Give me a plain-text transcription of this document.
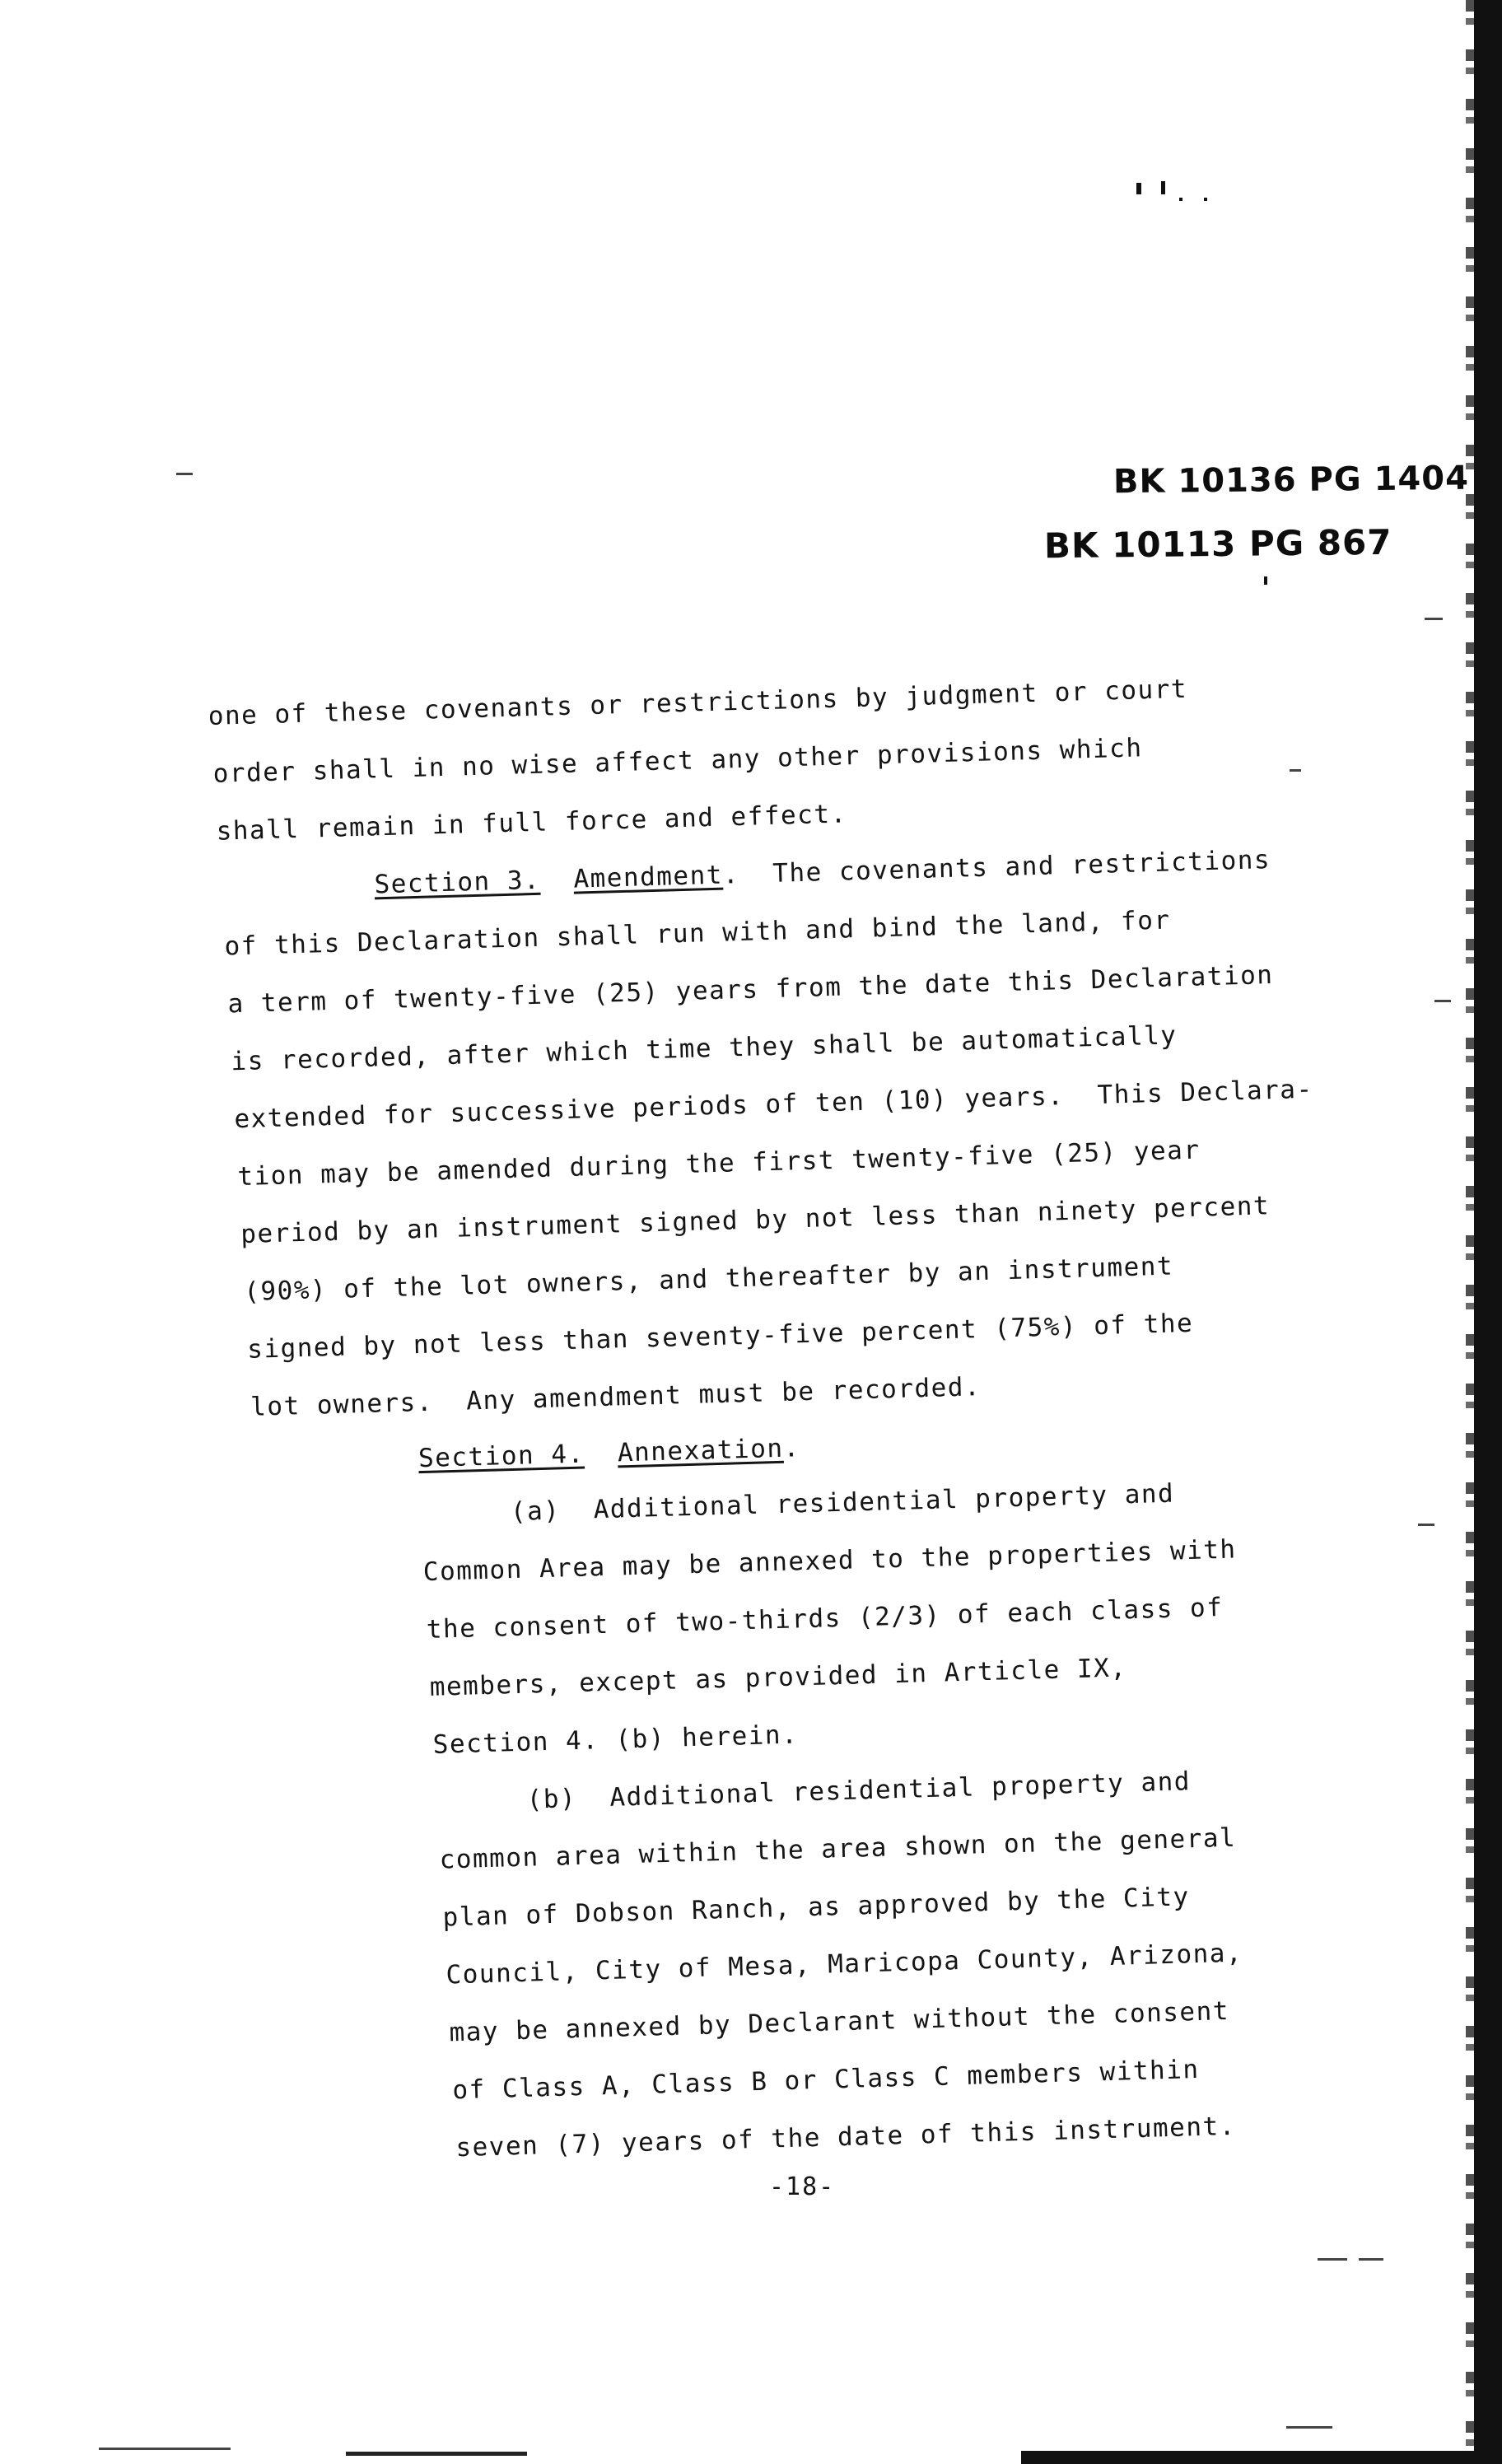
BK 10136 PG 1404
BK 10113 PG 867
one of these covenants or restrictions by judgment or court
order shall in no wise affect any other provisions which
shall remain in full force and effect.
Section 3. Amendment.  The covenants and restrictions
of this Declaration shall run with and bind the land, for
a term of twenty-five (25) years from the date this Declaration
is recorded, after which time they shall be automatically
extended for successive periods of ten (10) years.  This Declara-
tion may be amended during the first twenty-five (25) year
period by an instrument signed by not less than ninety percent
(90%) of the lot owners, and thereafter by an instrument
signed by not less than seventy-five percent (75%) of the
lot owners.  Any amendment must be recorded.
Section 4. Annexation.
(a)  Additional residential property and
Common Area may be annexed to the properties with
the consent of two-thirds (2/3) of each class of
members, except as provided in Article IX,
Section 4. (b) herein.
(b)  Additional residential property and
common area within the area shown on the general
plan of Dobson Ranch, as approved by the City
Council, City of Mesa, Maricopa County, Arizona,
may be annexed by Declarant without the consent
of Class A, Class B or Class C members within
seven (7) years of the date of this instrument.
-18-
